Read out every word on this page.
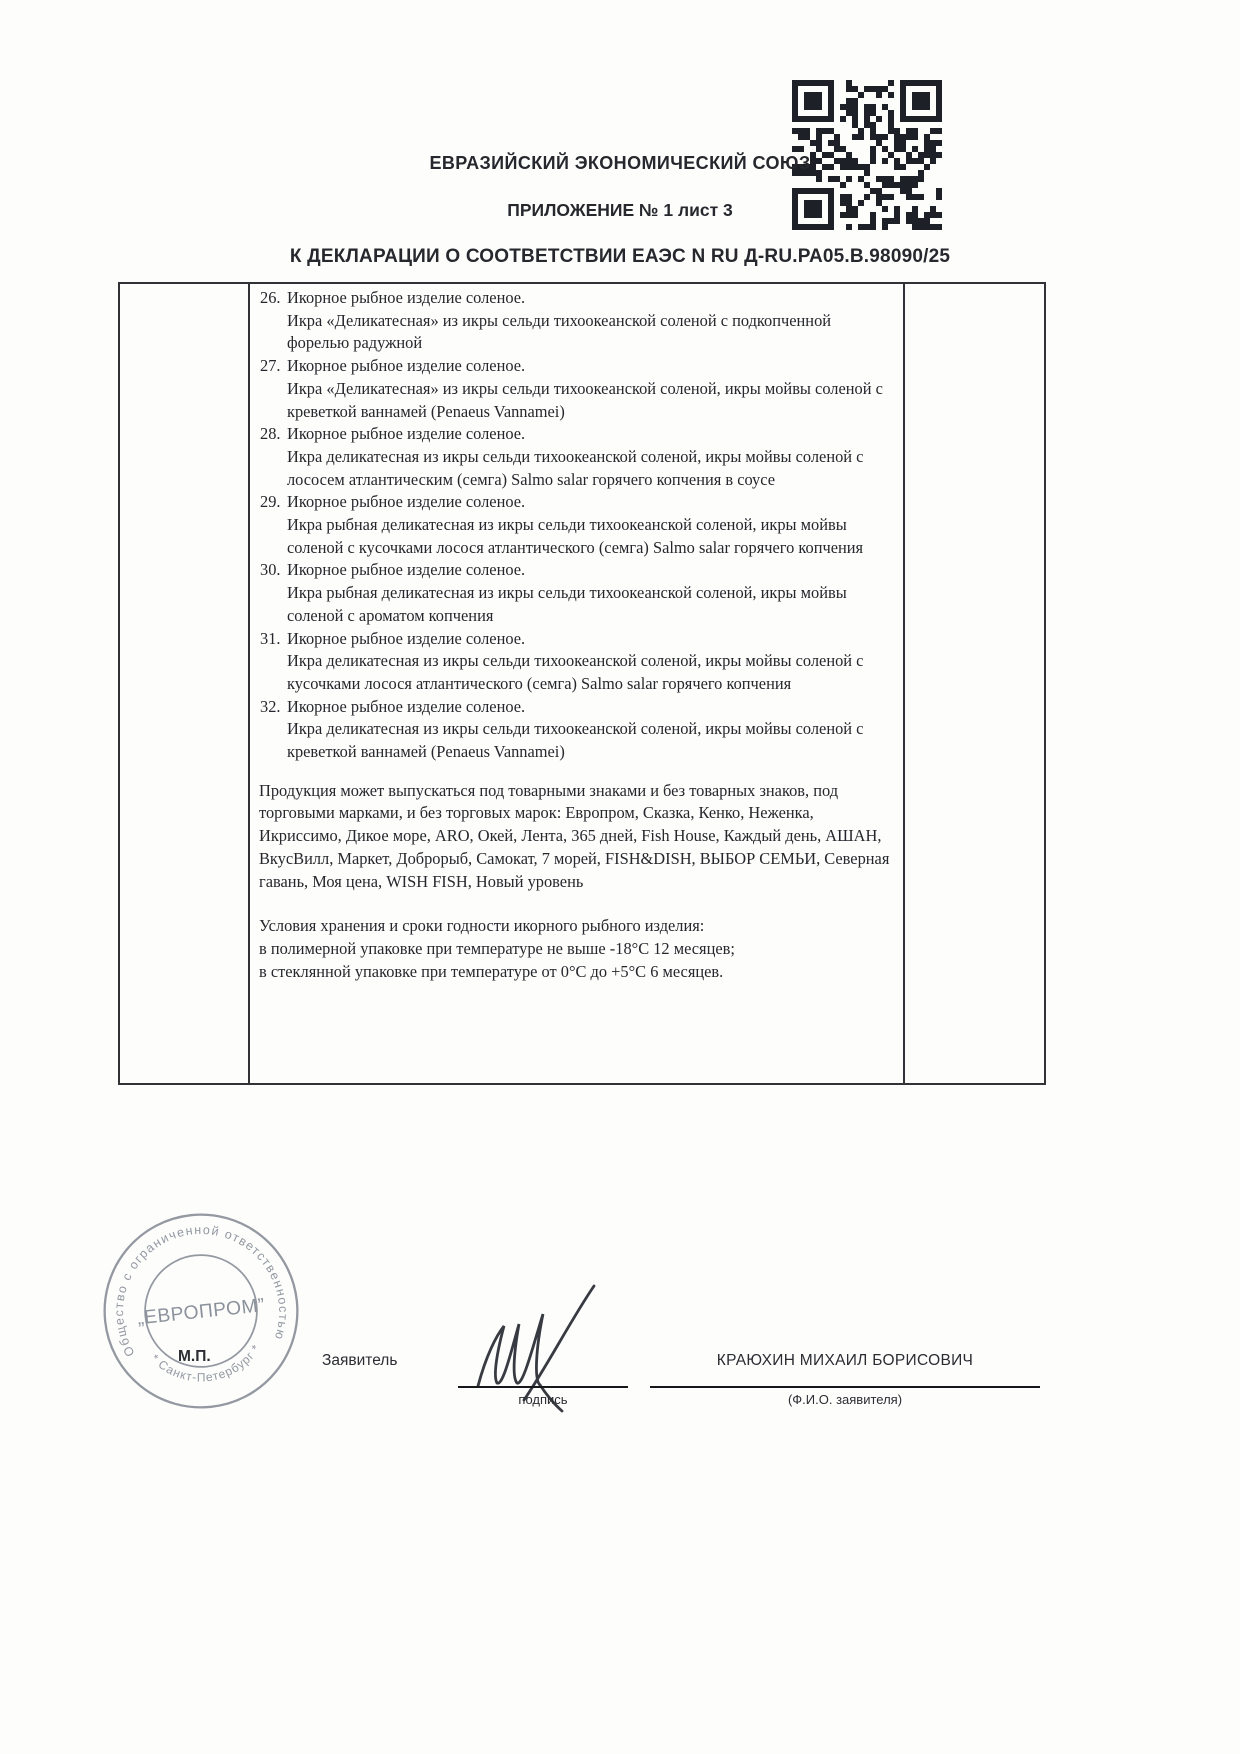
ЕВРАЗИЙСКИЙ ЭКОНОМИЧЕСКИЙ СОЮЗ
ПРИЛОЖЕНИЕ № 1 лист 3
К ДЕКЛАРАЦИИ О СООТВЕТСТВИИ ЕАЭС N RU Д-RU.РА05.В.98090/25
26. Икорное рыбное изделие соленое.
Икра «Деликатесная» из икры сельди тихоокеанской соленой с подкопченной форелью радужной
27. Икорное рыбное изделие соленое.
Икра «Деликатесная» из икры сельди тихоокеанской соленой, икры мойвы соленой с креветкой ваннамей (Penaeus Vannamei)
28. Икорное рыбное изделие соленое.
Икра деликатесная из икры сельди тихоокеанской соленой, икры мойвы соленой с лососем атлантическим (семга) Salmo salar горячего копчения в соусе
29. Икорное рыбное изделие соленое.
Икра рыбная деликатесная из икры сельди тихоокеанской соленой, икры мойвы соленой с кусочками лосося атлантического (семга) Salmo salar горячего копчения
30. Икорное рыбное изделие соленое.
Икра рыбная деликатесная из икры сельди тихоокеанской соленой, икры мойвы соленой с ароматом копчения
31. Икорное рыбное изделие соленое.
Икра деликатесная из икры сельди тихоокеанской соленой, икры мойвы соленой с кусочками лосося атлантического (семга) Salmo salar горячего копчения
32. Икорное рыбное изделие соленое.
Икра деликатесная из икры сельди тихоокеанской соленой, икры мойвы соленой с креветкой ваннамей (Penaeus Vannamei)

Продукция может выпускаться под товарными знаками и без товарных знаков, под торговыми марками, и без торговых марок: Европром, Сказка, Кенко, Неженка, Икриссимо, Дикое море, ARO, Окей, Лента, 365 дней, Fish House, Каждый день, АШАН, ВкусВилл, Маркет, Доброрыб, Самокат, 7 морей, FISH&DISH, ВЫБОР СЕМЬИ, Северная гавань, Моя цена, WISH FISH, Новый уровень

Условия хранения и сроки годности икорного рыбного изделия:
в полимерной упаковке при температуре не выше -18°С 12 месяцев;
в стеклянной упаковке при температуре от 0°С до +5°С 6 месяцев.
Общество с ограниченной ответственностью
* Санкт-Петербург *
„ЕВРОПРОМ”
М.П.	Заявитель
подпись
КРАЮХИН МИХАИЛ БОРИСОВИЧ
(Ф.И.О. заявителя)
